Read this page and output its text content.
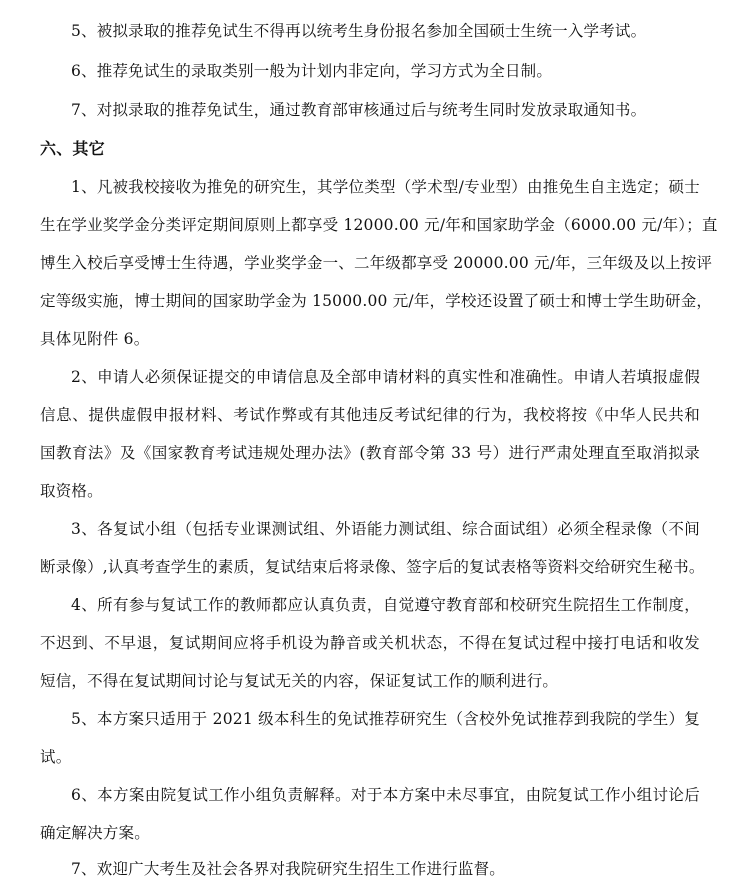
5、被拟录取的推荐免试生不得再以统考生身份报名参加全国硕士生统一入学考试。
6、推荐免试生的录取类别一般为计划内非定向，学习方式为全日制。
7、对拟录取的推荐免试生，通过教育部审核通过后与统考生同时发放录取通知书。
六、其它
1、凡被我校接收为推免的研究生，其学位类型（学术型/专业型）由推免生自主选定；硕士
生在学业奖学金分类评定期间原则上都享受 12000.00 元/年和国家助学金（6000.00 元/年）；直
博生入校后享受博士生待遇，学业奖学金一、二年级都享受 20000.00 元/年，三年级及以上按评
定等级实施，博士期间的国家助学金为 15000.00 元/年，学校还设置了硕士和博士学生助研金，
具体见附件 6。
2、申请人必须保证提交的申请信息及全部申请材料的真实性和准确性。申请人若填报虚假
信息、提供虚假申报材料、考试作弊或有其他违反考试纪律的行为，我校将按《中华人民共和
国教育法》及《国家教育考试违规处理办法》(教育部令第 33 号）进行严肃处理直至取消拟录
取资格。
3、各复试小组（包括专业课测试组、外语能力测试组、综合面试组）必须全程录像（不间
断录像）,认真考查学生的素质，复试结束后将录像、签字后的复试表格等资料交给研究生秘书。
4、所有参与复试工作的教师都应认真负责，自觉遵守教育部和校研究生院招生工作制度，
不迟到、不早退，复试期间应将手机设为静音或关机状态，不得在复试过程中接打电话和收发
短信，不得在复试期间讨论与复试无关的内容，保证复试工作的顺利进行。
5、本方案只适用于 2021 级本科生的免试推荐研究生（含校外免试推荐到我院的学生）复
试。
6、本方案由院复试工作小组负责解释。对于本方案中未尽事宜，由院复试工作小组讨论后
确定解决方案。
7、欢迎广大考生及社会各界对我院研究生招生工作进行监督。
